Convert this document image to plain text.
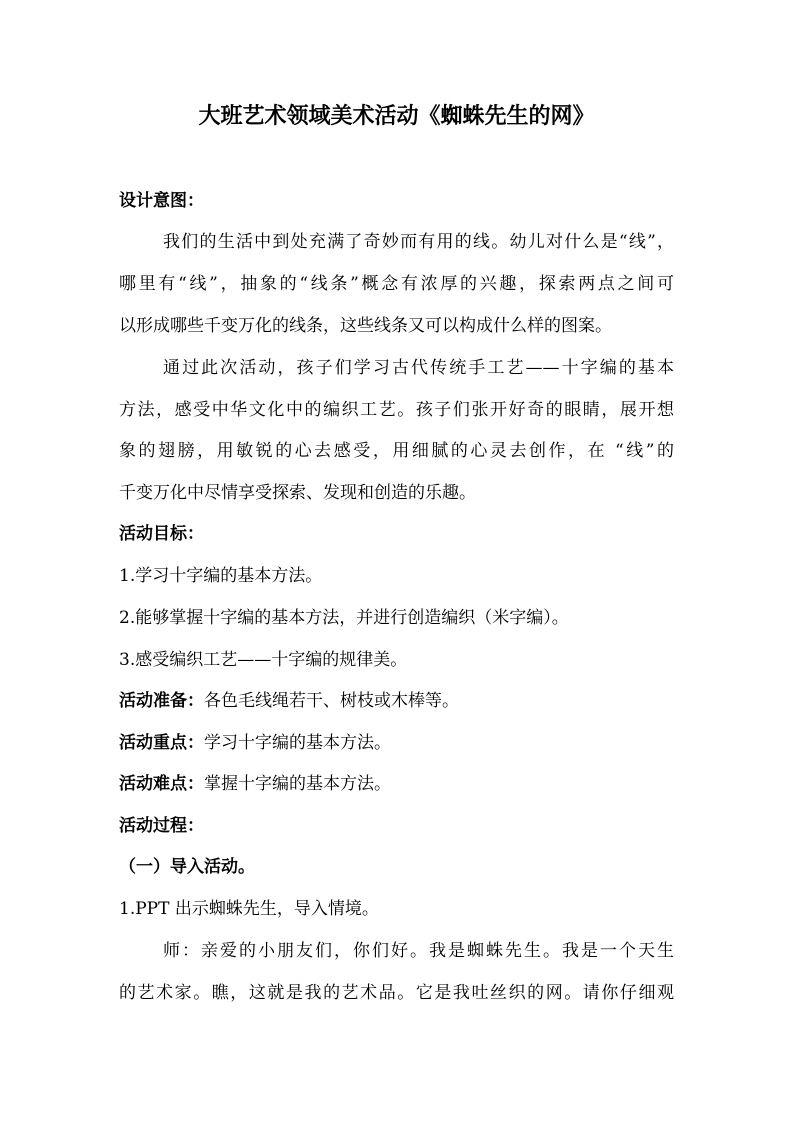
大班艺术领域美术活动《蜘蛛先生的网》
设计意图：
我们的生活中到处充满了奇妙而有用的线。幼儿对什么是“线”，
哪里有“线”，抽象的“线条”概念有浓厚的兴趣，探索两点之间可
以形成哪些千变万化的线条，这些线条又可以构成什么样的图案。
通过此次活动，孩子们学习古代传统手工艺——十字编的基本
方法，感受中华文化中的编织工艺。孩子们张开好奇的眼睛，展开想
象的翅膀，用敏锐的心去感受，用细腻的心灵去创作，在 “线”的
千变万化中尽情享受探索、发现和创造的乐趣。
活动目标：
1.学习十字编的基本方法。
2.能够掌握十字编的基本方法，并进行创造编织（米字编）。
3.感受编织工艺——十字编的规律美。
活动准备：各色毛线绳若干、树枝或木棒等。
活动重点：学习十字编的基本方法。
活动难点：掌握十字编的基本方法。
活动过程：
（一）导入活动。
1.PPT 出示蜘蛛先生，导入情境。
师：亲爱的小朋友们，你们好。我是蜘蛛先生。我是一个天生
的艺术家。瞧，这就是我的艺术品。它是我吐丝织的网。请你仔细观
